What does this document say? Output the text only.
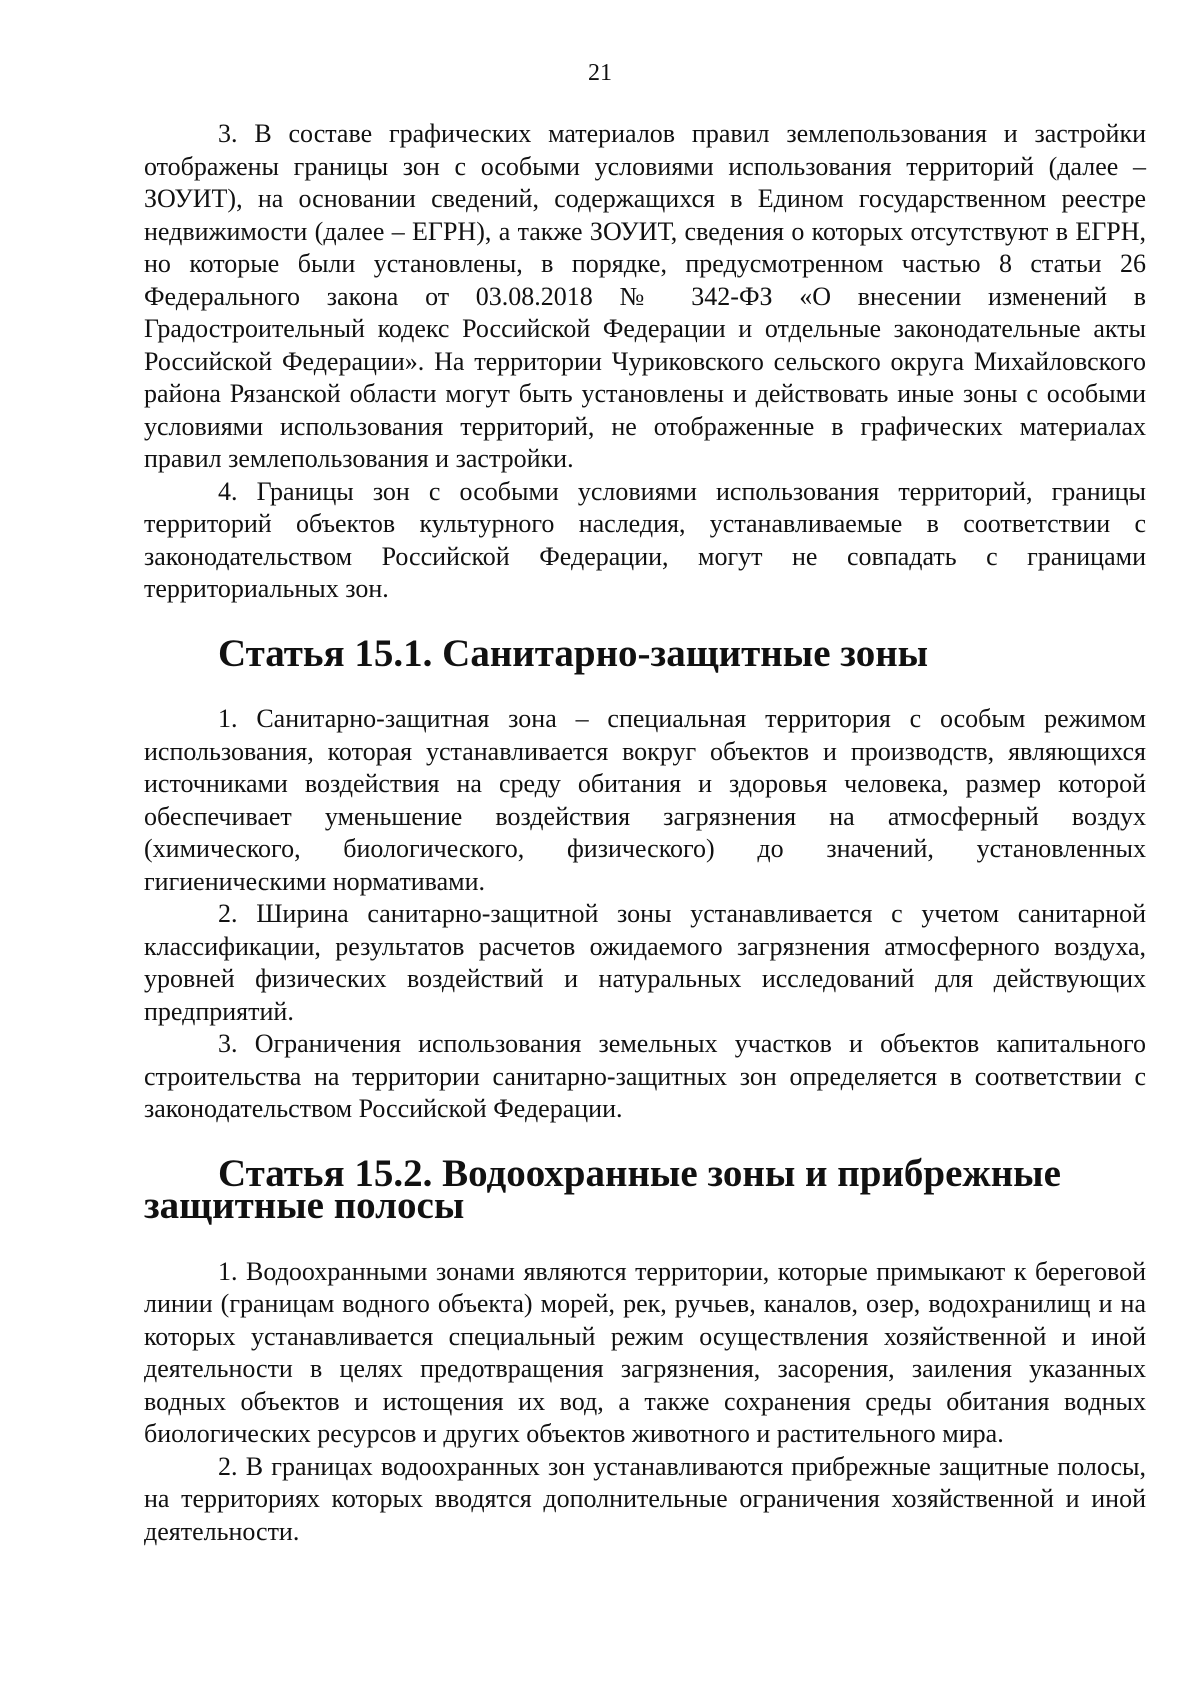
21

3. В составе графических материалов правил землепользования и застройки отображены границы зон с особыми условиями использования территорий (далее – ЗОУИТ), на основании сведений, содержащихся в Едином государственном реестре недвижимости (далее – ЕГРН), а также ЗОУИТ, сведения о которых отсутствуют в ЕГРН, но которые были установлены, в порядке, предусмотренном частью 8 статьи 26 Федерального закона от 03.08.2018 № 342-ФЗ «О внесении изменений в Градостроительный кодекс Российской Федерации и отдельные законодательные акты Российской Федерации». На территории Чуриковского сельского округа Михайловского района Рязанской области могут быть установлены и действовать иные зоны с особыми условиями использования территорий, не отображенные в графических материалах правил землепользования и застройки.

4. Границы зон с особыми условиями использования территорий, границы территорий объектов культурного наследия, устанавливаемые в соответствии с законодательством Российской Федерации, могут не совпадать с границами территориальных зон.

Статья 15.1. Санитарно-защитные зоны

1. Санитарно-защитная зона – специальная территория с особым режимом использования, которая устанавливается вокруг объектов и производств, являющихся источниками воздействия на среду обитания и здоровья человека, размер которой обеспечивает уменьшение воздействия загрязнения на атмосферный воздух (химического, биологического, физического) до значений, установленных гигиеническими нормативами.

2. Ширина санитарно-защитной зоны устанавливается с учетом санитарной классификации, результатов расчетов ожидаемого загрязнения атмосферного воздуха, уровней физических воздействий и натуральных исследований для действующих предприятий.

3. Ограничения использования земельных участков и объектов капитального строительства на территории санитарно-защитных зон определяется в соответствии с законодательством Российской Федерации.

Статья 15.2. Водоохранные зоны и прибрежные защитные полосы

1. Водоохранными зонами являются территории, которые примыкают к береговой линии (границам водного объекта) морей, рек, ручьев, каналов, озер, водохранилищ и на которых устанавливается специальный режим осуществления хозяйственной и иной деятельности в целях предотвращения загрязнения, засорения, заиления указанных водных объектов и истощения их вод, а также сохранения среды обитания водных биологических ресурсов и других объектов животного и растительного мира.

2. В границах водоохранных зон устанавливаются прибрежные защитные полосы, на территориях которых вводятся дополнительные ограничения хозяйственной и иной деятельности.
